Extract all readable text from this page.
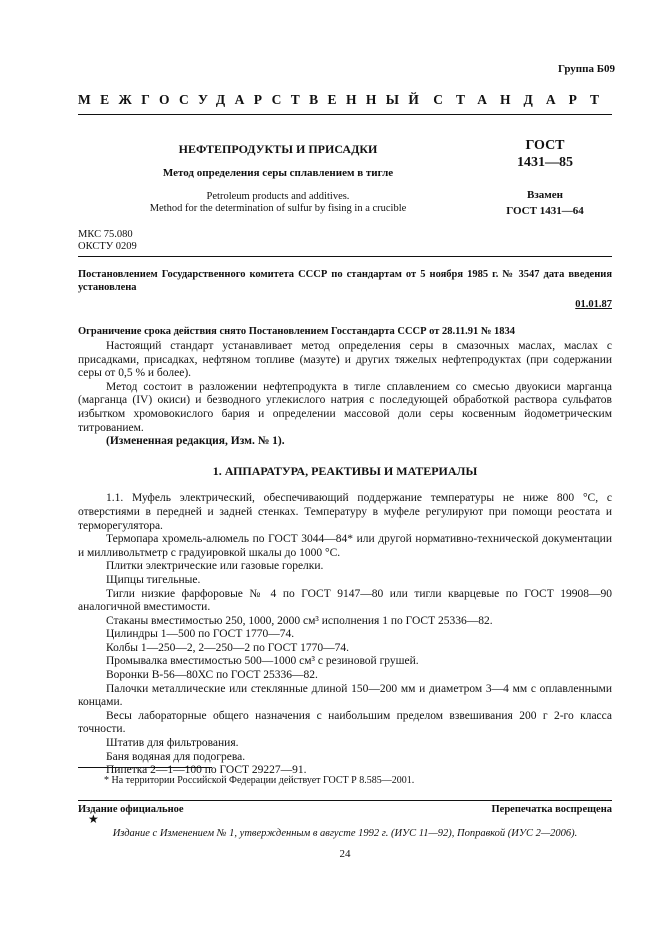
Группа Б09
МЕЖГОСУДАРСТВЕННЫЙ СТАНДАРТ
НЕФТЕПРОДУКТЫ И ПРИСАДКИ
Метод определения серы сплавлением в тигле
Petroleum products and additives.
Method for the determination of sulfur by fising in a crucible
ГОСТ
1431—85
Взамен
ГОСТ 1431—64
МКС 75.080
ОКСТУ 0209
Постановлением Государственного комитета СССР по стандартам от 5 ноября 1985 г. № 3547 дата введения установлена
01.01.87
Ограничение срока действия снято Постановлением Госстандарта СССР от 28.11.91 № 1834

Настоящий стандарт устанавливает метод определения серы в смазочных маслах, маслах с присадками, присадках, нефтяном топливе (мазуте) и других тяжелых нефтепродуктах (при содержании серы от 0,5 % и более).

Метод состоит в разложении нефтепродукта в тигле сплавлением со смесью двуокиси марганца (марганца (IV) окиси) и безводного углекислого натрия с последующей обработкой раствора сульфатов избытком хромовокислого бария и определении массовой доли серы косвенным йодометрическим титрованием.

(Измененная редакция, Изм. № 1).

1. АППАРАТУРА, РЕАКТИВЫ И МАТЕРИАЛЫ

1.1. Муфель электрический, обеспечивающий поддержание температуры не ниже 800 °С, с отверстиями в передней и задней стенках. Температуру в муфеле регулируют при помощи реостата и терморегулятора.

Термопара хромель-алюмель по ГОСТ 3044—84* или другой нормативно-технической документации и милливольтметр с градуировкой шкалы до 1000 °С.

Плитки электрические или газовые горелки.

Щипцы тигельные.

Тигли низкие фарфоровые № 4 по ГОСТ 9147—80 или тигли кварцевые по ГОСТ 19908—90 аналогичной вместимости.

Стаканы вместимостью 250, 1000, 2000 см³ исполнения 1 по ГОСТ 25336—82.

Цилиндры 1—500 по ГОСТ 1770—74.

Колбы 1—250—2, 2—250—2 по ГОСТ 1770—74.

Промывалка вместимостью 500—1000 см³ с резиновой грушей.

Воронки В-56—80ХС по ГОСТ 25336—82.

Палочки металлические или стеклянные длиной 150—200 мм и диаметром 3—4 мм с оплавленными концами.

Весы лабораторные общего назначения с наибольшим пределом взвешивания 200 г 2-го класса точности.

Штатив для фильтрования.

Баня водяная для подогрева.

Пипетка 2—1—100 по ГОСТ 29227—91.

* На территории Российской Федерации действует ГОСТ Р 8.585—2001.
Издание официальное	Перепечатка воспрещена
★
Издание с Изменением № 1, утвержденным в августе 1992 г. (ИУС 11—92), Поправкой (ИУС 2—2006).
24
